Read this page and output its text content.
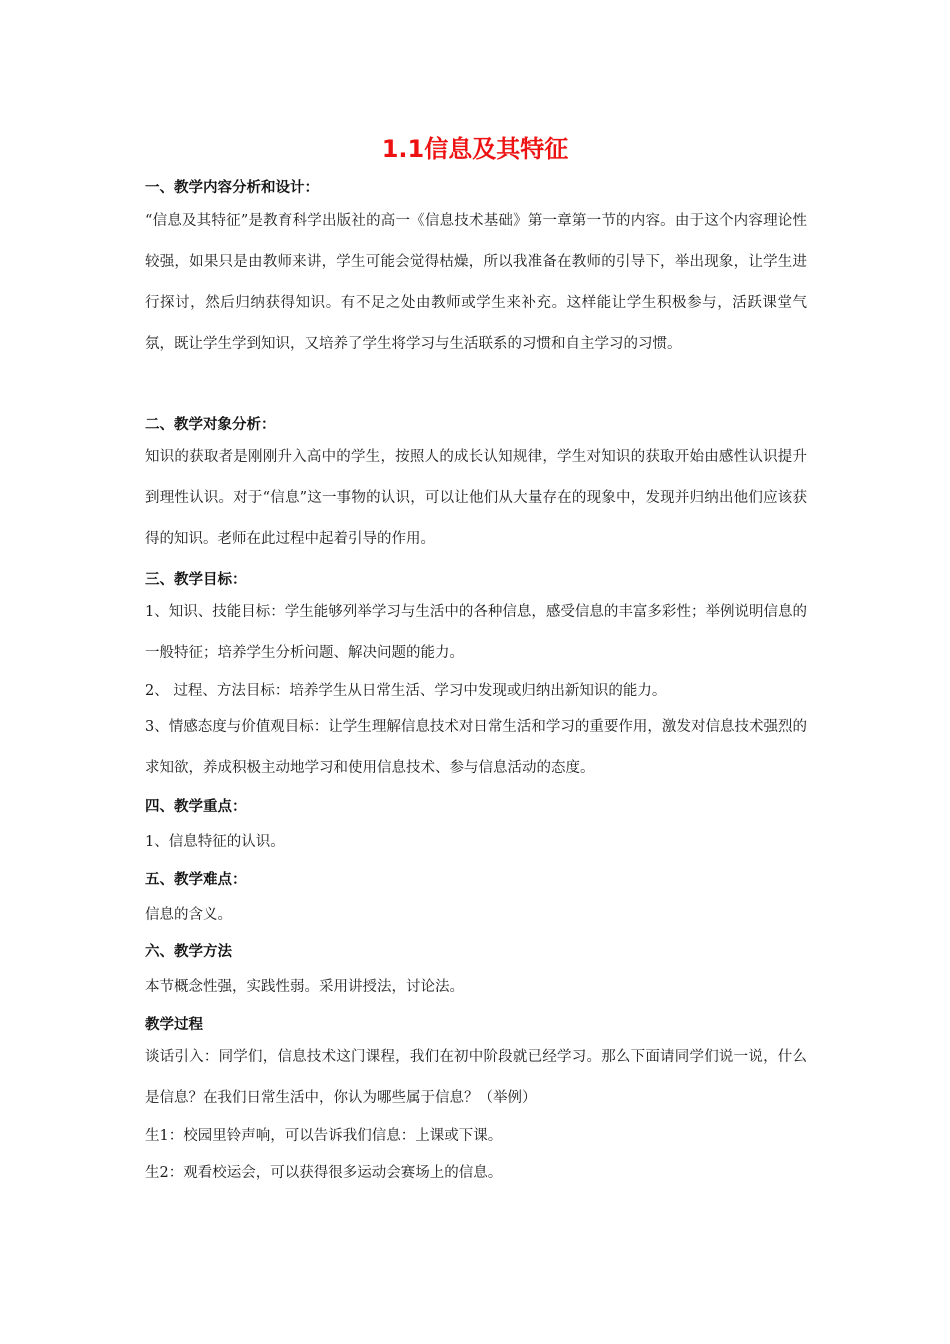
1.1信息及其特征
一、教学内容分析和设计：

“信息及其特征”是教育科学出版社的高一《信息技术基础》第一章第一节的内容。由于这个内容理论性较强，如果只是由教师来讲，学生可能会觉得枯燥，所以我准备在教师的引导下，举出现象，让学生进行探讨，然后归纳获得知识。有不足之处由教师或学生来补充。这样能让学生积极参与，活跃课堂气氛，既让学生学到知识，又培养了学生将学习与生活联系的习惯和自主学习的习惯。

二、教学对象分析：

知识的获取者是刚刚升入高中的学生，按照人的成长认知规律，学生对知识的获取开始由感性认识提升到理性认识。对于“信息”这一事物的认识，可以让他们从大量存在的现象中，发现并归纳出他们应该获得的知识。老师在此过程中起着引导的作用。

三、教学目标：

1、知识、技能目标：学生能够列举学习与生活中的各种信息，感受信息的丰富多彩性；举例说明信息的一般特征；培养学生分析问题、解决问题的能力。

2、 过程、方法目标：培养学生从日常生活、学习中发现或归纳出新知识的能力。

3、情感态度与价值观目标：让学生理解信息技术对日常生活和学习的重要作用，激发对信息技术强烈的求知欲，养成积极主动地学习和使用信息技术、参与信息活动的态度。

四、教学重点：

1、信息特征的认识。

五、教学难点：

信息的含义。

六、教学方法

本节概念性强，实践性弱。采用讲授法，讨论法。

教学过程

谈话引入：同学们，信息技术这门课程，我们在初中阶段就已经学习。那么下面请同学们说一说，什么是信息？在我们日常生活中，你认为哪些属于信息？（举例）

生1：校园里铃声响，可以告诉我们信息：上课或下课。

生2：观看校运会，可以获得很多运动会赛场上的信息。
